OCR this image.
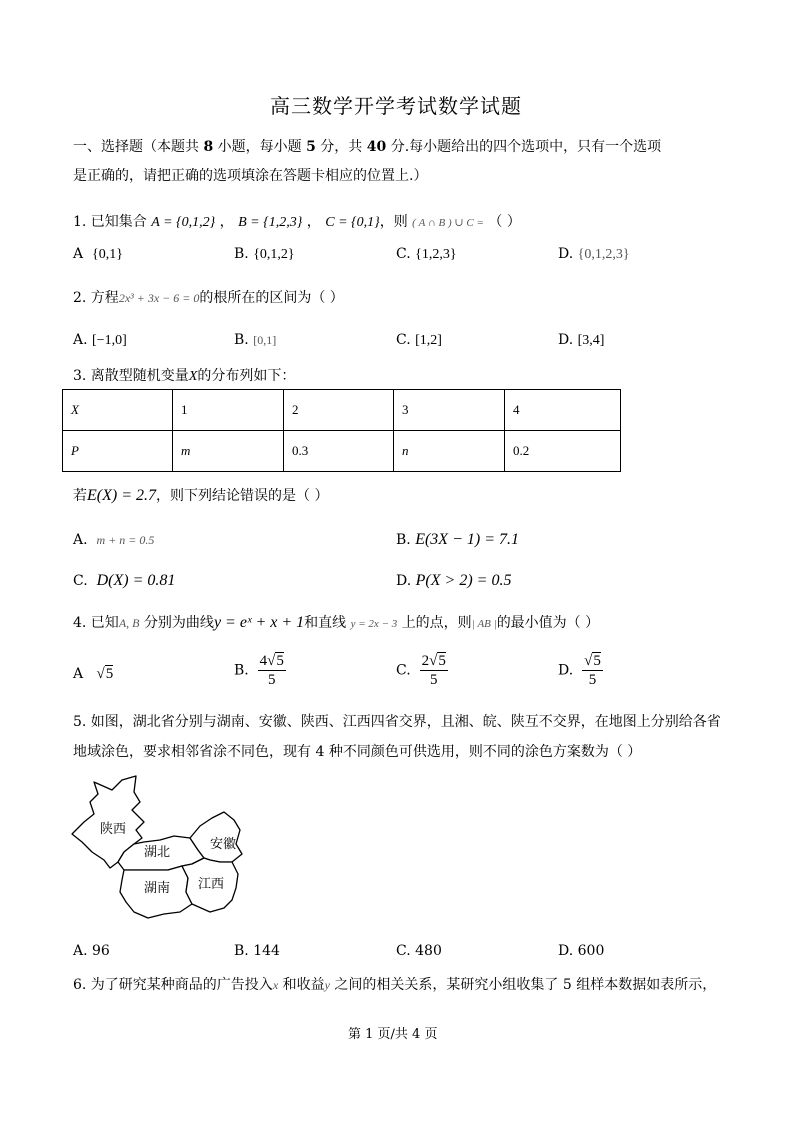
高三数学开学考试数学试题
一、选择题（本题共 8 小题，每小题 5 分，共 40 分.每小题给出的四个选项中，只有一个选项
是正确的，请把正确的选项填涂在答题卡相应的位置上.）
1. 已知集合 A = {0,1,2} ， B = {1,2,3} ， C = {0,1}，则 ( A ∩ B ) ∪ C = （ ）
A {0,1}	B. {0,1,2}	C. {1,2,3}	D. {0,1,2,3}
2. 方程2x³ + 3x − 6 = 0的根所在的区间为（ ）
A. [−1,0]	B. [0,1]	C. [1,2]	D. [3,4]
3. 离散型随机变量X的分布列如下：
X	1	2	3	4
P	m	0.3	n	0.2
若E(X) = 2.7，则下列结论错误的是（ ）
A. m + n = 0.5	B. E(3X − 1) = 7.1
C. D(X) = 0.81	D. P(X > 2) = 0.5
4. 已知A, B 分别为曲线y = eˣ + x + 1和直线 y = 2x − 3 上的点，则| AB |的最小值为（ ）
A √5	B. $\frac{4√5}{5}$	C. $\frac{2√5}{5}$	D. $\frac{√5}{5}$
5. 如图，湖北省分别与湖南、安徽、陕西、江西四省交界，且湘、皖、陕互不交界，在地图上分别给各省
地域涂色，要求相邻省涂不同色，现有 4 种不同颜色可供选用，则不同的涂色方案数为（ ）
陕西
湖北
安徽
湖南 江西
A. 96	B. 144	C. 480	D. 600
6. 为了研究某种商品的广告投入x 和收益y 之间的相关关系，某研究小组收集了 5 组样本数据如表所示，
第 1 页/共 4 页
